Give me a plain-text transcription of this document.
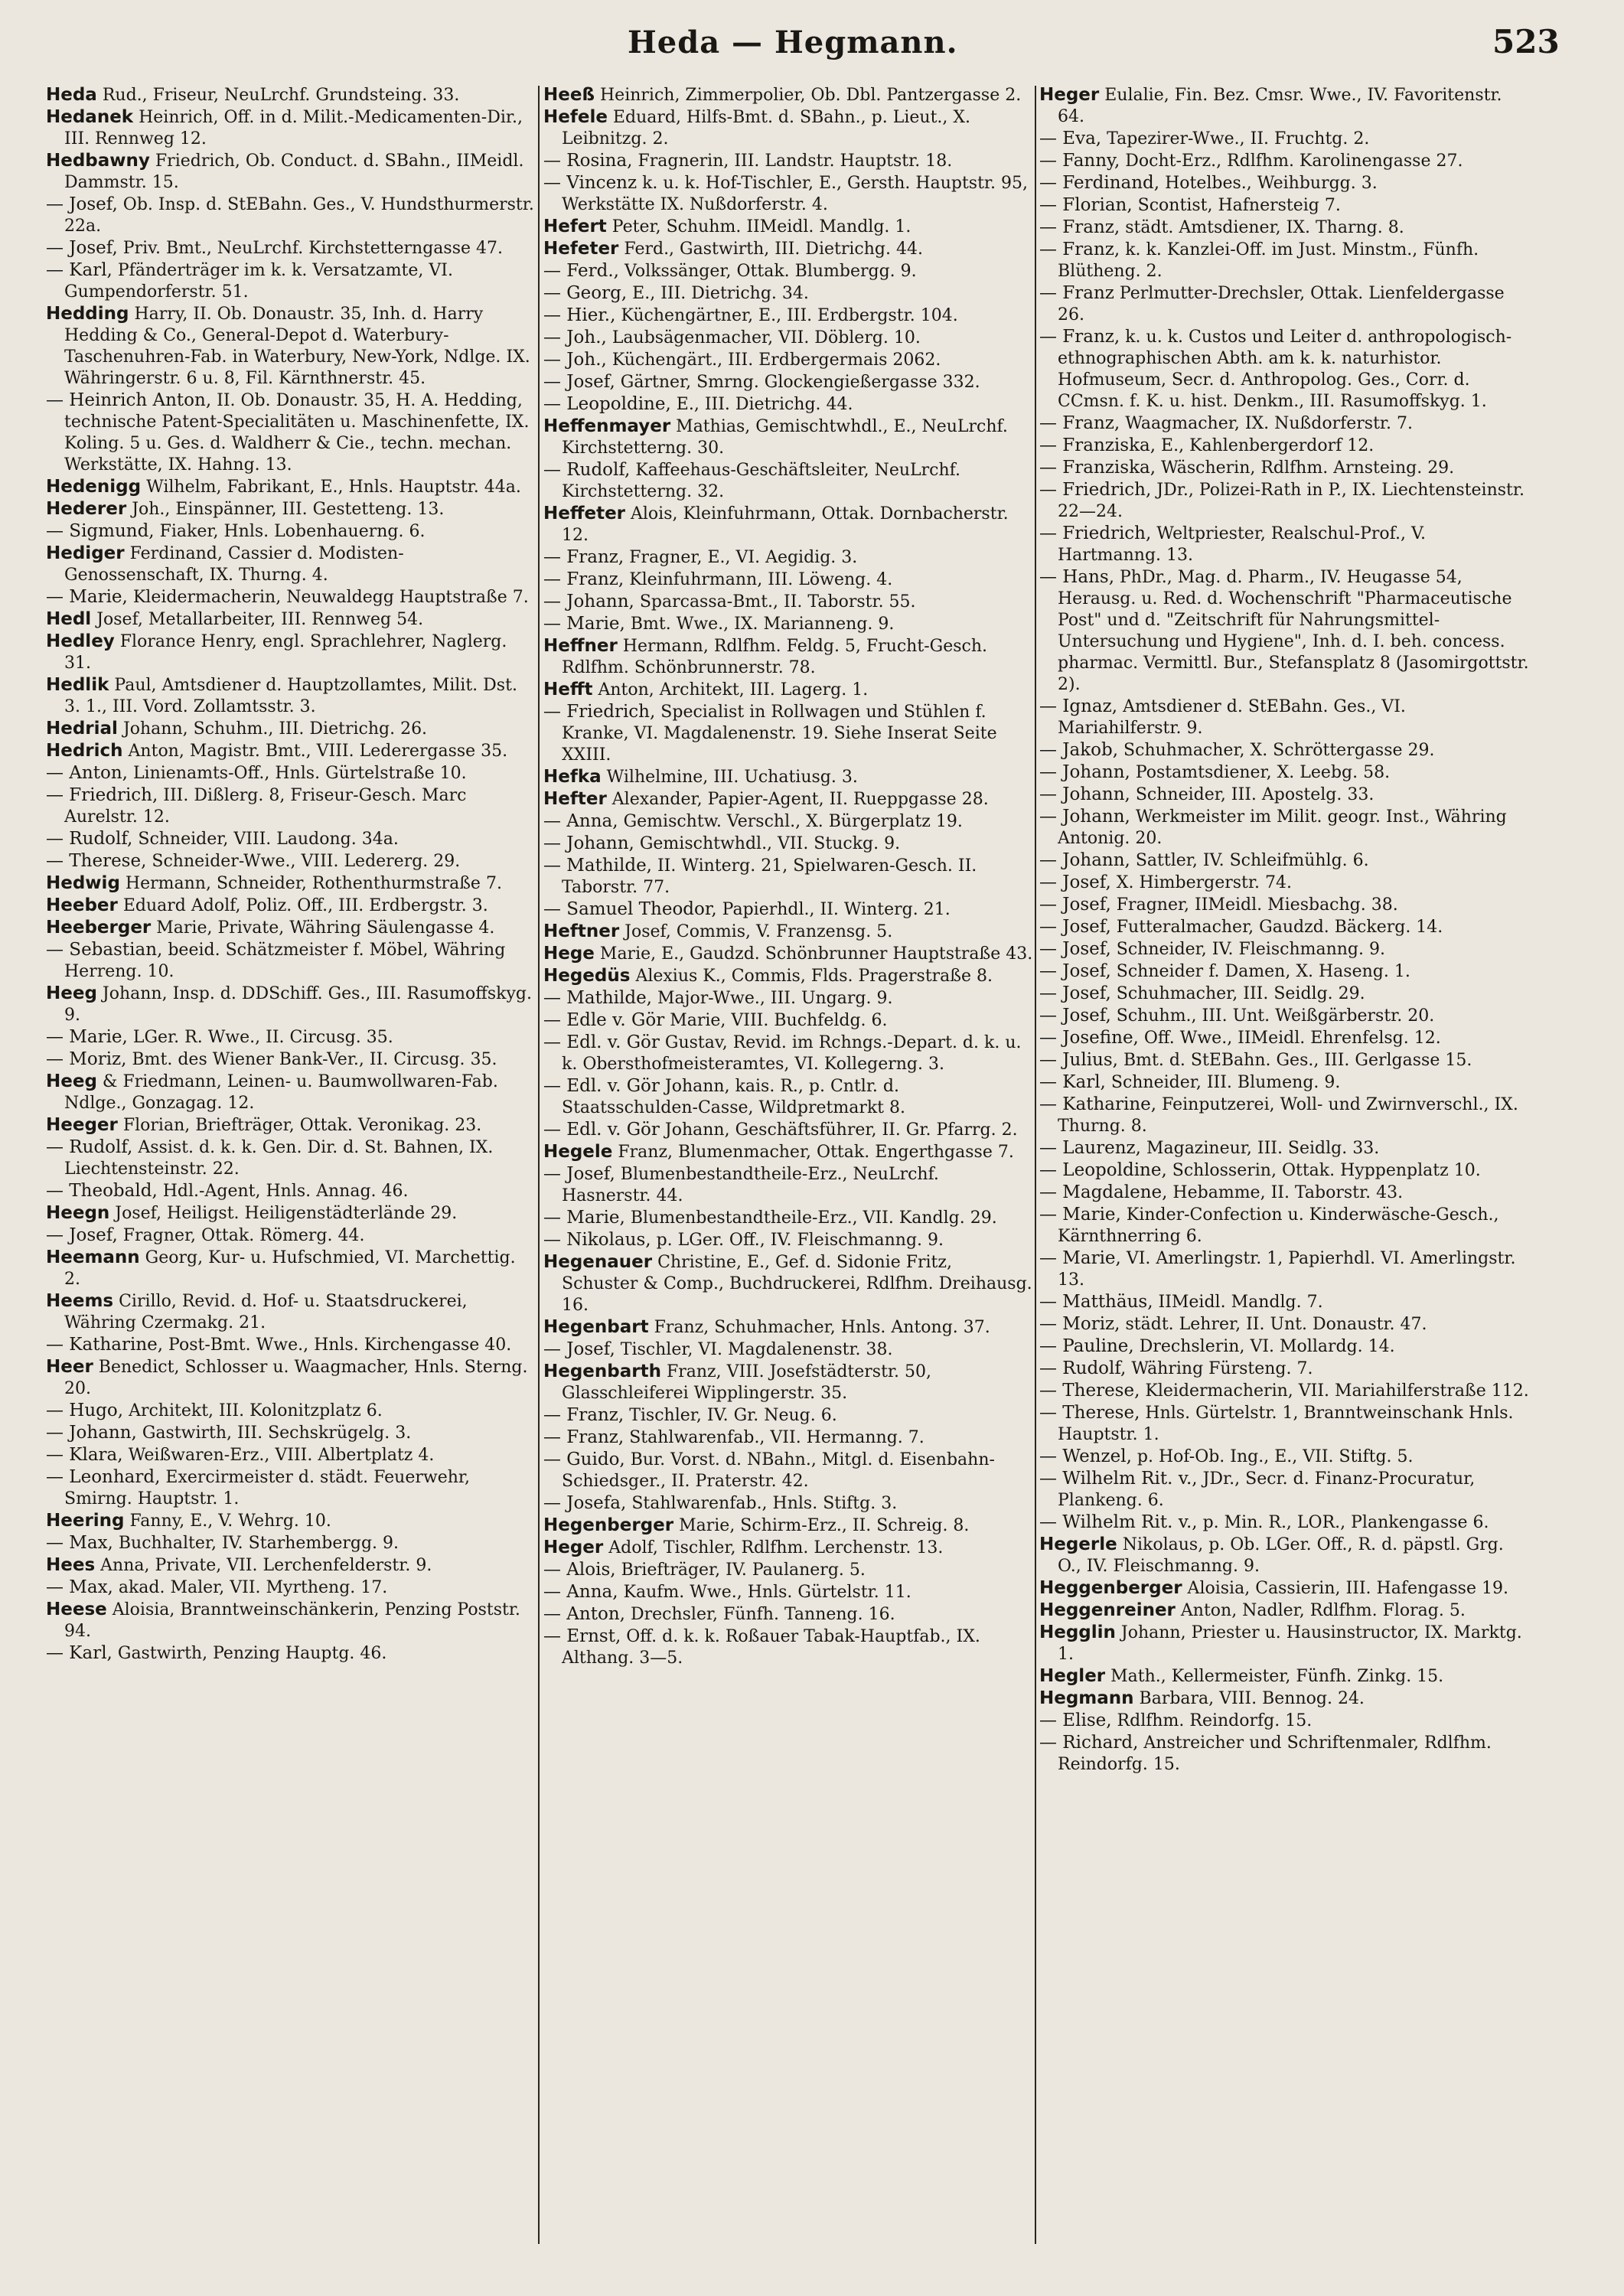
Heda — Hegmann.	523
Heda Rud., Friseur, NeuLrchf. Grundsteing. 33.
Hedanek Heinrich, Off. in d. Milit.-Medicamenten-Dir., III. Rennweg 12.
Hedbawny Friedrich, Ob. Conduct. d. SBahn., IIMeidl. Dammstr. 15.
— Josef, Ob. Insp. d. StEBahn. Ges., V. Hundsthurmerstr. 22a.
— Josef, Priv. Bmt., NeuLrchf. Kirchstetterngasse 47.
— Karl, Pfänderträger im k. k. Versatzamte, VI. Gumpendorferstr. 51.
Hedding Harry, II. Ob. Donaustr. 35, Inh. d. Harry Hedding & Co., General-Depot d. Waterbury-Taschenuhren-Fab. in Waterbury, New-York, Ndlge. IX. Währingerstr. 6 u. 8, Fil. Kärnthnerstr. 45.
— Heinrich Anton, II. Ob. Donaustr. 35, H. A. Hedding, technische Patent-Specialitäten u. Maschinenfette, IX. Koling. 5 u. Ges. d. Waldherr & Cie., techn. mechan. Werkstätte, IX. Hahng. 13.
Hedenigg Wilhelm, Fabrikant, E., Hnls. Hauptstr. 44a.
Hederer Joh., Einspänner, III. Gestetteng. 13.
— Sigmund, Fiaker, Hnls. Lobenhauerng. 6.
Hediger Ferdinand, Cassier d. Modisten-Genossenschaft, IX. Thurng. 4.
— Marie, Kleidermacherin, Neuwaldegg Hauptstraße 7.
Hedl Josef, Metallarbeiter, III. Rennweg 54.
Hedley Florance Henry, engl. Sprachlehrer, Naglerg. 31.
Hedlik Paul, Amtsdiener d. Hauptzollamtes, Milit. Dst. 3. 1., III. Vord. Zollamtsstr. 3.
Hedrial Johann, Schuhm., III. Dietrichg. 26.
Hedrich Anton, Magistr. Bmt., VIII. Lederergasse 35.
— Anton, Linienamts-Off., Hnls. Gürtelstraße 10.
— Friedrich, III. Dißlerg. 8, Friseur-Gesch. Marc Aurelstr. 12.
— Rudolf, Schneider, VIII. Laudong. 34a.
— Therese, Schneider-Wwe., VIII. Ledererg. 29.
Hedwig Hermann, Schneider, Rothenthurmstraße 7.
Heeber Eduard Adolf, Poliz. Off., III. Erdbergstr. 3.
Heeberger Marie, Private, Währing Säulengasse 4.
— Sebastian, beeid. Schätzmeister f. Möbel, Währing Herreng. 10.
Heeg Johann, Insp. d. DDSchiff. Ges., III. Rasumoffskyg. 9.
— Marie, LGer. R. Wwe., II. Circusg. 35.
— Moriz, Bmt. des Wiener Bank-Ver., II. Circusg. 35.
Heeg & Friedmann, Leinen- u. Baumwollwaren-Fab. Ndlge., Gonzagag. 12.
Heeger Florian, Briefträger, Ottak. Veronikag. 23.
— Rudolf, Assist. d. k. k. Gen. Dir. d. St. Bahnen, IX. Liechtensteinstr. 22.
— Theobald, Hdl.-Agent, Hnls. Annag. 46.
Heegn Josef, Heiligst. Heiligenstädterlände 29.
— Josef, Fragner, Ottak. Römerg. 44.
Heemann Georg, Kur- u. Hufschmied, VI. Marchettig. 2.
Heems Cirillo, Revid. d. Hof- u. Staatsdruckerei, Währing Czermakg. 21.
— Katharine, Post-Bmt. Wwe., Hnls. Kirchengasse 40.
Heer Benedict, Schlosser u. Waagmacher, Hnls. Sterng. 20.
— Hugo, Architekt, III. Kolonitzplatz 6.
— Johann, Gastwirth, III. Sechskrügelg. 3.
— Klara, Weißwaren-Erz., VIII. Albertplatz 4.
— Leonhard, Exercirmeister d. städt. Feuerwehr, Smirng. Hauptstr. 1.
Heering Fanny, E., V. Wehrg. 10.
— Max, Buchhalter, IV. Starhembergg. 9.
Hees Anna, Private, VII. Lerchenfelderstr. 9.
— Max, akad. Maler, VII. Myrtheng. 17.
Heese Aloisia, Branntweinschänkerin, Penzing Poststr. 94.
— Karl, Gastwirth, Penzing Hauptg. 46.
Heeß Heinrich, Zimmerpolier, Ob. Dbl. Pantzergasse 2.
Hefele Eduard, Hilfs-Bmt. d. SBahn., p. Lieut., X. Leibnitzg. 2.
— Rosina, Fragnerin, III. Landstr. Hauptstr. 18.
— Vincenz k. u. k. Hof-Tischler, E., Gersth. Hauptstr. 95, Werkstätte IX. Nußdorferstr. 4.
Hefert Peter, Schuhm. IIMeidl. Mandlg. 1.
Hefeter Ferd., Gastwirth, III. Dietrichg. 44.
— Ferd., Volkssänger, Ottak. Blumbergg. 9.
— Georg, E., III. Dietrichg. 34.
— Hier., Küchengärtner, E., III. Erdbergstr. 104.
— Joh., Laubsägenmacher, VII. Döblerg. 10.
— Joh., Küchengärt., III. Erdbergermais 2062.
— Josef, Gärtner, Smrng. Glockengießergasse 332.
— Leopoldine, E., III. Dietrichg. 44.
Heffenmayer Mathias, Gemischtwhdl., E., NeuLrchf. Kirchstetterng. 30.
— Rudolf, Kaffeehaus-Geschäftsleiter, NeuLrchf. Kirchstetterng. 32.
Heffeter Alois, Kleinfuhrmann, Ottak. Dornbacherstr. 12.
— Franz, Fragner, E., VI. Aegidig. 3.
— Franz, Kleinfuhrmann, III. Löweng. 4.
— Johann, Sparcassa-Bmt., II. Taborstr. 55.
— Marie, Bmt. Wwe., IX. Marianneng. 9.
Heffner Hermann, Rdlfhm. Feldg. 5, Frucht-Gesch. Rdlfhm. Schönbrunnerstr. 78.
Hefft Anton, Architekt, III. Lagerg. 1.
— Friedrich, Specialist in Rollwagen und Stühlen f. Kranke, VI. Magdalenenstr. 19. Siehe Inserat Seite XXIII.
Hefka Wilhelmine, III. Uchatiusg. 3.
Hefter Alexander, Papier-Agent, II. Rueppgasse 28.
— Anna, Gemischtw. Verschl., X. Bürgerplatz 19.
— Johann, Gemischtwhdl., VII. Stuckg. 9.
— Mathilde, II. Winterg. 21, Spielwaren-Gesch. II. Taborstr. 77.
— Samuel Theodor, Papierhdl., II. Winterg. 21.
Heftner Josef, Commis, V. Franzensg. 5.
Hege Marie, E., Gaudzd. Schönbrunner Hauptstraße 43.
Hegedüs Alexius K., Commis, Flds. Pragerstraße 8.
— Mathilde, Major-Wwe., III. Ungarg. 9.
— Edle v. Gör Marie, VIII. Buchfeldg. 6.
— Edl. v. Gör Gustav, Revid. im Rchngs.-Depart. d. k. u. k. Obersthofmeisteramtes, VI. Kollegerng. 3.
— Edl. v. Gör Johann, kais. R., p. Cntlr. d. Staatsschulden-Casse, Wildpretmarkt 8.
— Edl. v. Gör Johann, Geschäftsführer, II. Gr. Pfarrg. 2.
Hegele Franz, Blumenmacher, Ottak. Engerthgasse 7.
— Josef, Blumenbestandtheile-Erz., NeuLrchf. Hasnerstr. 44.
— Marie, Blumenbestandtheile-Erz., VII. Kandlg. 29.
— Nikolaus, p. LGer. Off., IV. Fleischmanng. 9.
Hegenauer Christine, E., Gef. d. Sidonie Fritz, Schuster & Comp., Buchdruckerei, Rdlfhm. Dreihausg. 16.
Hegenbart Franz, Schuhmacher, Hnls. Antong. 37.
— Josef, Tischler, VI. Magdalenenstr. 38.
Hegenbarth Franz, VIII. Josefstädterstr. 50, Glasschleiferei Wipplingerstr. 35.
— Franz, Tischler, IV. Gr. Neug. 6.
— Franz, Stahlwarenfab., VII. Hermanng. 7.
— Guido, Bur. Vorst. d. NBahn., Mitgl. d. Eisenbahn-Schiedsger., II. Praterstr. 42.
— Josefa, Stahlwarenfab., Hnls. Stiftg. 3.
Hegenberger Marie, Schirm-Erz., II. Schreig. 8.
Heger Adolf, Tischler, Rdlfhm. Lerchenstr. 13.
— Alois, Briefträger, IV. Paulanerg. 5.
— Anna, Kaufm. Wwe., Hnls. Gürtelstr. 11.
— Anton, Drechsler, Fünfh. Tanneng. 16.
— Ernst, Off. d. k. k. Roßauer Tabak-Hauptfab., IX. Althang. 3—5.
Heger Eulalie, Fin. Bez. Cmsr. Wwe., IV. Favoritenstr. 64.
— Eva, Tapezirer-Wwe., II. Fruchtg. 2.
— Fanny, Docht-Erz., Rdlfhm. Karolinengasse 27.
— Ferdinand, Hotelbes., Weihburgg. 3.
— Florian, Scontist, Hafnersteig 7.
— Franz, städt. Amtsdiener, IX. Tharng. 8.
— Franz, k. k. Kanzlei-Off. im Just. Minstm., Fünfh. Blütheng. 2.
— Franz Perlmutter-Drechsler, Ottak. Lienfeldergasse 26.
— Franz, k. u. k. Custos und Leiter d. anthropologisch-ethnographischen Abth. am k. k. naturhistor. Hofmuseum, Secr. d. Anthropolog. Ges., Corr. d. CCmsn. f. K. u. hist. Denkm., III. Rasumoffskyg. 1.
— Franz, Waagmacher, IX. Nußdorferstr. 7.
— Franziska, E., Kahlenbergerdorf 12.
— Franziska, Wäscherin, Rdlfhm. Arnsteing. 29.
— Friedrich, JDr., Polizei-Rath in P., IX. Liechtensteinstr. 22—24.
— Friedrich, Weltpriester, Realschul-Prof., V. Hartmanng. 13.
— Hans, PhDr., Mag. d. Pharm., IV. Heugasse 54, Herausg. u. Red. d. Wochenschrift "Pharmaceutische Post" und d. "Zeitschrift für Nahrungsmittel-Untersuchung und Hygiene", Inh. d. I. beh. concess. pharmac. Vermittl. Bur., Stefansplatz 8 (Jasomirgottstr. 2).
— Ignaz, Amtsdiener d. StEBahn. Ges., VI. Mariahilferstr. 9.
— Jakob, Schuhmacher, X. Schröttergasse 29.
— Johann, Postamtsdiener, X. Leebg. 58.
— Johann, Schneider, III. Apostelg. 33.
— Johann, Werkmeister im Milit. geogr. Inst., Währing Antonig. 20.
— Johann, Sattler, IV. Schleifmühlg. 6.
— Josef, X. Himbergerstr. 74.
— Josef, Fragner, IIMeidl. Miesbachg. 38.
— Josef, Futteralmacher, Gaudzd. Bäckerg. 14.
— Josef, Schneider, IV. Fleischmanng. 9.
— Josef, Schneider f. Damen, X. Haseng. 1.
— Josef, Schuhmacher, III. Seidlg. 29.
— Josef, Schuhm., III. Unt. Weißgärberstr. 20.
— Josefine, Off. Wwe., IIMeidl. Ehrenfelsg. 12.
— Julius, Bmt. d. StEBahn. Ges., III. Gerlgasse 15.
— Karl, Schneider, III. Blumeng. 9.
— Katharine, Feinputzerei, Woll- und Zwirnverschl., IX. Thurng. 8.
— Laurenz, Magazineur, III. Seidlg. 33.
— Leopoldine, Schlosserin, Ottak. Hyppenplatz 10.
— Magdalene, Hebamme, II. Taborstr. 43.
— Marie, Kinder-Confection u. Kinderwäsche-Gesch., Kärnthnerring 6.
— Marie, VI. Amerlingstr. 1, Papierhdl. VI. Amerlingstr. 13.
— Matthäus, IIMeidl. Mandlg. 7.
— Moriz, städt. Lehrer, II. Unt. Donaustr. 47.
— Pauline, Drechslerin, VI. Mollardg. 14.
— Rudolf, Währing Fürsteng. 7.
— Therese, Kleidermacherin, VII. Mariahilferstraße 112.
— Therese, Hnls. Gürtelstr. 1, Branntweinschank Hnls. Hauptstr. 1.
— Wenzel, p. Hof-Ob. Ing., E., VII. Stiftg. 5.
— Wilhelm Rit. v., JDr., Secr. d. Finanz-Procuratur, Plankeng. 6.
— Wilhelm Rit. v., p. Min. R., LOR., Plankengasse 6.
Hegerle Nikolaus, p. Ob. LGer. Off., R. d. päpstl. Grg. O., IV. Fleischmanng. 9.
Heggenberger Aloisia, Cassierin, III. Hafengasse 19.
Heggenreiner Anton, Nadler, Rdlfhm. Florag. 5.
Hegglin Johann, Priester u. Hausinstructor, IX. Marktg. 1.
Hegler Math., Kellermeister, Fünfh. Zinkg. 15.
Hegmann Barbara, VIII. Bennog. 24.
— Elise, Rdlfhm. Reindorfg. 15.
— Richard, Anstreicher und Schriftenmaler, Rdlfhm. Reindorfg. 15.
